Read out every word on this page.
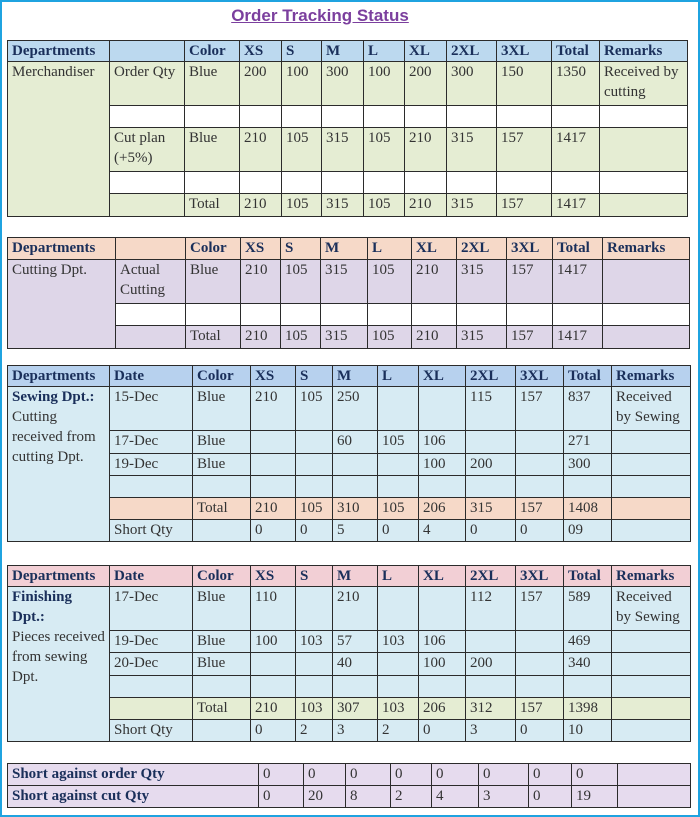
Order Tracking Status
Departments		Color	XS	S	M	L	XL	2XL	3XL	Total	Remarks
Merchandiser	Order Qty	Blue	200	100	300	100	200	300	150	1350	Received by cutting

	Cut plan (+5%)	Blue	210	105	315	105	210	315	157	1417	

		Total	210	105	315	105	210	315	157	1417	
Departments		Color	XS	S	M	L	XL	2XL	3XL	Total	Remarks
Cutting Dpt.	Actual Cutting	Blue	210	105	315	105	210	315	157	1417	

		Total	210	105	315	105	210	315	157	1417	
Departments	Date	Color	XS	S	M	L	XL	2XL	3XL	Total	Remarks
Sewing Dpt.:
Cutting received from cutting Dpt.	15-Dec	Blue	210	105	250			115	157	837	Received by Sewing
	17-Dec	Blue			60	105	106			271	
	19-Dec	Blue					100	200		300	

		Total	210	105	310	105	206	315	157	1408	
	Short Qty		0	0	5	0	4	0	0	09	
Departments	Date	Color	XS	S	M	L	XL	2XL	3XL	Total	Remarks
Finishing Dpt.:
Pieces received from sewing Dpt.	17-Dec	Blue	110		210			112	157	589	Received by Sewing
	19-Dec	Blue	100	103	57	103	106			469	
	20-Dec	Blue			40		100	200		340	

		Total	210	103	307	103	206	312	157	1398	
	Short Qty		0	2	3	2	0	3	0	10	
Short against order Qty	0	0	0	0	0	0	0	0	
Short against cut Qty	0	20	8	2	4	3	0	19	
